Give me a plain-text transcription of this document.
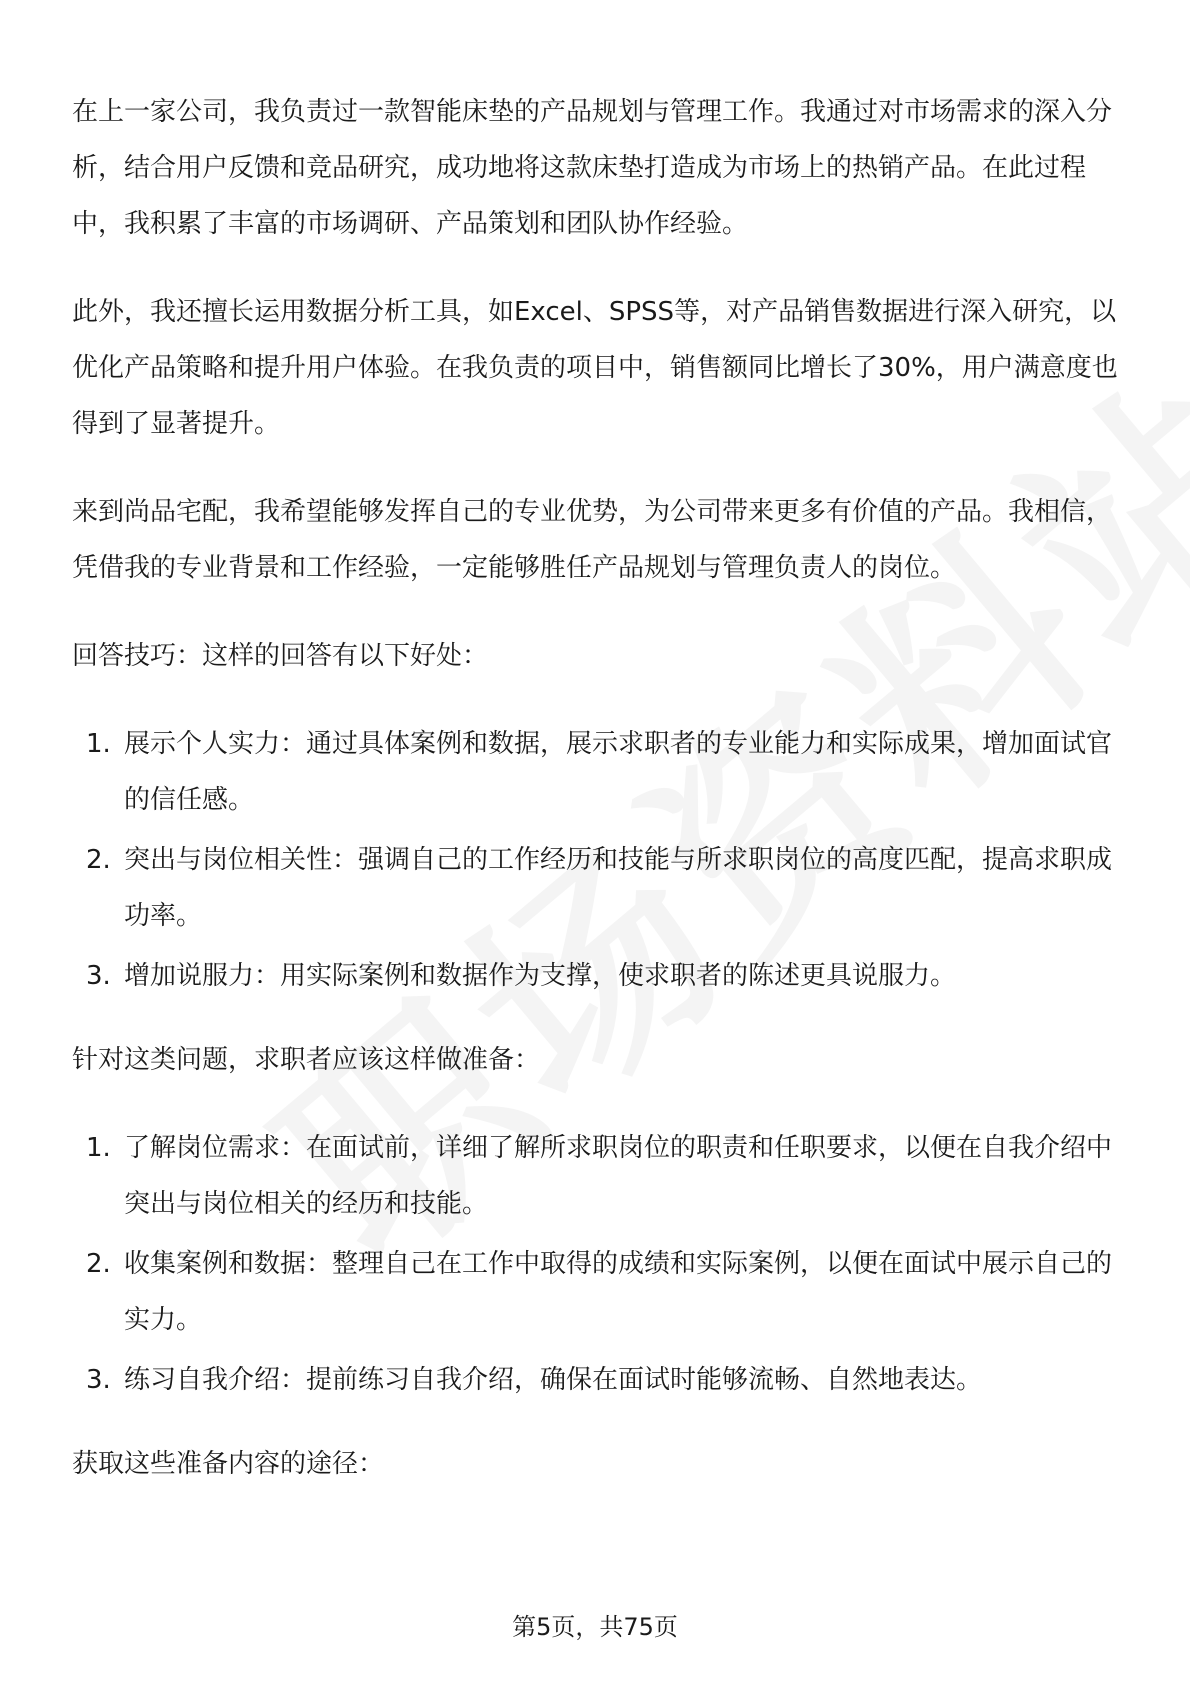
在上一家公司，我负责过一款智能床垫的产品规划与管理工作。我通过对市场需求的深入分析，结合用户反馈和竞品研究，成功地将这款床垫打造成为市场上的热销产品。在此过程中，我积累了丰富的市场调研、产品策划和团队协作经验。

此外，我还擅长运用数据分析工具，如Excel、SPSS等，对产品销售数据进行深入研究，以优化产品策略和提升用户体验。在我负责的项目中，销售额同比增长了30%，用户满意度也得到了显著提升。

来到尚品宅配，我希望能够发挥自己的专业优势，为公司带来更多有价值的产品。我相信，凭借我的专业背景和工作经验，一定能够胜任产品规划与管理负责人的岗位。

回答技巧：这样的回答有以下好处：

1. 展示个人实力：通过具体案例和数据，展示求职者的专业能力和实际成果，增加面试官的信任感。
2. 突出与岗位相关性：强调自己的工作经历和技能与所求职岗位的高度匹配，提高求职成功率。
3. 增加说服力：用实际案例和数据作为支撑，使求职者的陈述更具说服力。

针对这类问题，求职者应该这样做准备：

1. 了解岗位需求：在面试前，详细了解所求职岗位的职责和任职要求，以便在自我介绍中突出与岗位相关的经历和技能。
2. 收集案例和数据：整理自己在工作中取得的成绩和实际案例，以便在面试中展示自己的实力。
3. 练习自我介绍：提前练习自我介绍，确保在面试时能够流畅、自然地表达。

获取这些准备内容的途径：

第5页，共75页
